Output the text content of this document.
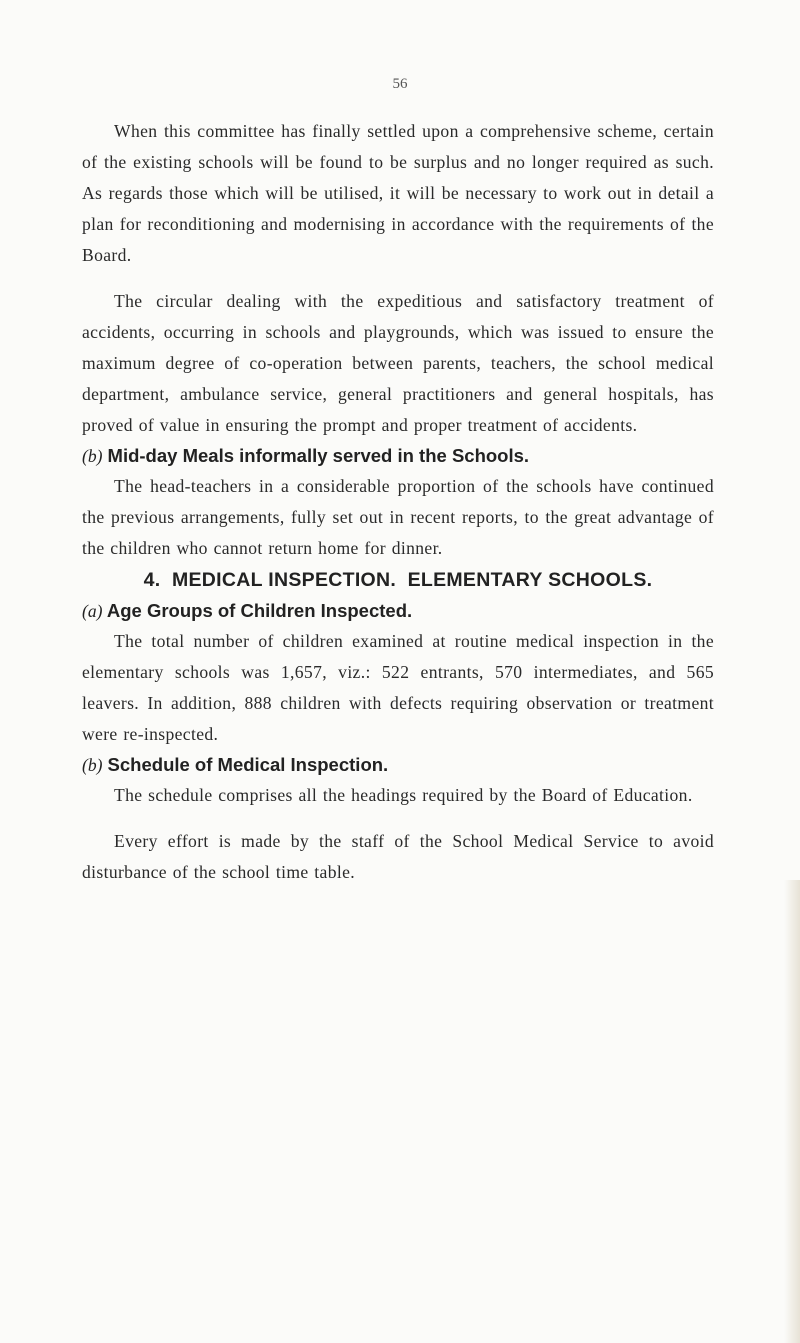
56

When this committee has finally settled upon a comprehensive scheme, certain of the existing schools will be found to be surplus and no longer required as such. As regards those which will be utilised, it will be necessary to work out in detail a plan for reconditioning and modernising in accordance with the requirements of the Board.

The circular dealing with the expeditious and satisfactory treatment of accidents, occurring in schools and playgrounds, which was issued to ensure the maximum degree of co-operation between parents, teachers, the school medical department, ambulance service, general practitioners and general hospitals, has proved of value in ensuring the prompt and proper treatment of accidents.

(b) Mid-day Meals informally served in the Schools.

The head-teachers in a considerable proportion of the schools have continued the previous arrangements, fully set out in recent reports, to the great advantage of the children who cannot return home for dinner.

4.  MEDICAL INSPECTION.  ELEMENTARY SCHOOLS.
(a) Age Groups of Children Inspected.

The total number of children examined at routine medical inspection in the elementary schools was 1,657, viz.: 522 entrants, 570 intermediates, and 565 leavers. In addition, 888 children with defects requiring observation or treatment were re-inspected.

(b) Schedule of Medical Inspection.

The schedule comprises all the headings required by the Board of Education.

Every effort is made by the staff of the School Medical Service to avoid disturbance of the school time table.
